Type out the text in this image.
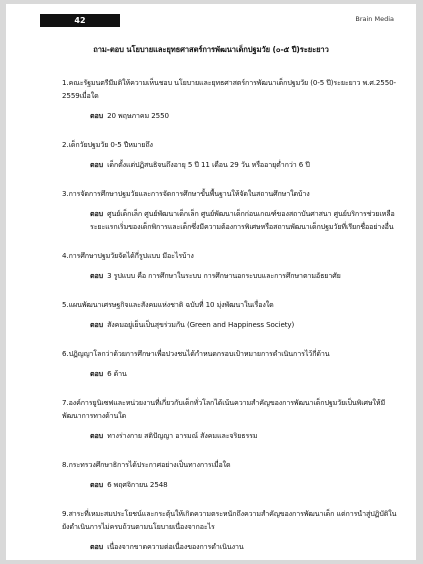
42	Brain Media
ถาม-ตอบ นโยบายและยุทธศาสตร์การพัฒนาเด็กปฐมวัย (๐-๕ ปี)ระยะยาว
1.คณะรัฐมนตรีมีมติให้ความเห็นชอบ นโยบายและยุทธศาสตร์การพัฒนาเด็กปฐมวัย (0-5 ปี)ระยะยาว พ.ศ.2550-2559เมื่อใด
ตอบ 20 พฤษภาคม 2550
2.เด็กวัยปฐมวัย 0-5 ปีหมายถึง
ตอบ เด็กตั้งแต่ปฏิสนธิจนถึงอายุ 5 ปี 11 เดือน 29 วัน หรืออายุต่ำกว่า 6 ปี
3.การจัดการศึกษาปฐมวัยและการจัดการศึกษาขั้นพื้นฐานให้จัดในสถานศึกษาใดบ้าง
ตอบ ศูนย์เด็กเล็ก ศูนย์พัฒนาเด็กเล็ก ศูนย์พัฒนาเด็กก่อนเกณฑ์ของสถาบันศาสนา ศูนย์บริการช่วยเหลือระยะแรกเริ่มของเด็กพิการและเด็กซึ่งมีความต้องการพิเศษหรือสถานพัฒนาเด็กปฐมวัยที่เรียกชื่ออย่างอื่น
4.การศึกษาปฐมวัยจัดได้กี่รูปแบบ มีอะไรบ้าง
ตอบ 3 รูปแบบ คือ การศึกษาในระบบ การศึกษานอกระบบและการศึกษาตามอัธยาศัย
5.แผนพัฒนาเศรษฐกิจและสังคมแห่งชาติ ฉบับที่ 10 มุ่งพัฒนาในเรื่องใด
ตอบ สังคมอยู่เย็นเป็นสุขร่วมกัน (Green and Happiness Society)
6.ปฏิญญาโลกว่าด้วยการศึกษาเพื่อปวงชนได้กำหนดกรอบเป้าหมายการดำเนินการไว้กี่ด้าน
ตอบ 6 ด้าน
7.องค์การยูนิเซฟและหน่วยงานที่เกี่ยวกับเด็กทั่วโลกได้เน้นความสำคัญของการพัฒนาเด็กปฐมวัยเป็นพิเศษให้มีพัฒนาการทางด้านใด
ตอบ ทางร่างกาย สติปัญญา อารมณ์ สังคมและจริยธรรม
8.กระทรวงศึกษาธิการได้ประกาศอย่างเป็นทางการเมื่อใด
ตอบ 6 พฤศจิกายน 2548
9.สาระที่เหมะสมประโยชน์และกระตุ้นให้เกิดความตระหนักถึงความสำคัญของการพัฒนาเด็ก แต่การนำสู่ปฏิบัติในยังดำเนินการไม่ครบถ้วนตามนโยบายเนื่องจากอะไร
ตอบ เนื่องจากขาดความต่อเนื่องของการดำเนินงาน
